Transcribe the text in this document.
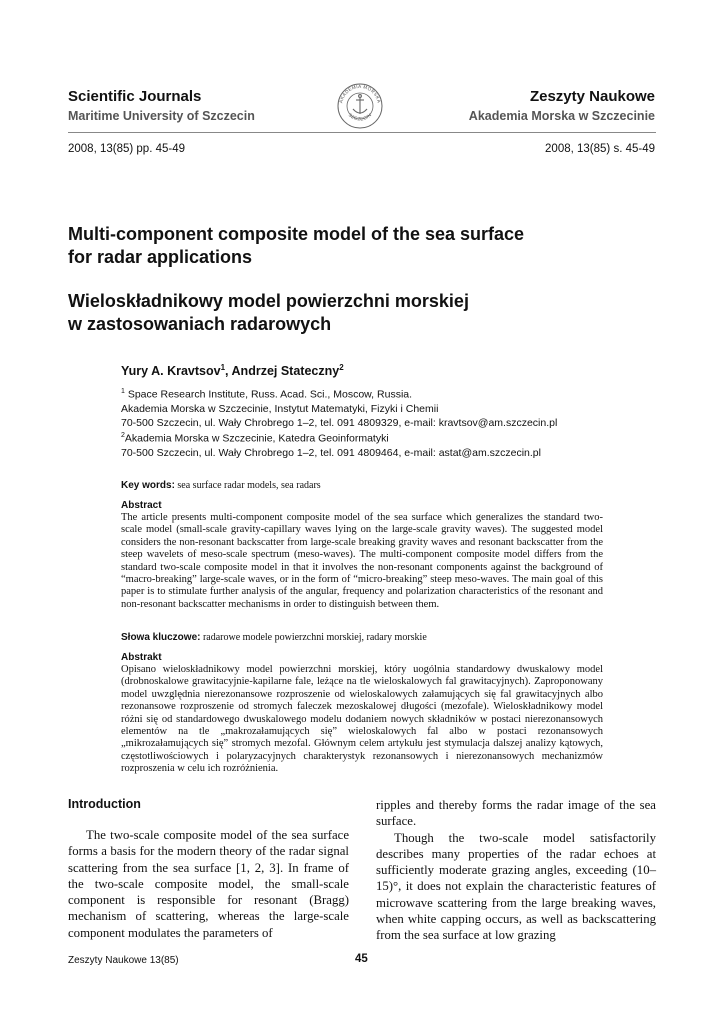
Scientific Journals
Maritime University of Szczecin
AKADEMIA MORSKA
SZCZECIN
Zeszyty Naukowe
Akademia Morska w Szczecinie
2008, 13(85) pp. 45-49	2008, 13(85) s. 45-49
Multi-component composite model of the sea surface
for radar applications
Wieloskładnikowy model powierzchni morskiej
w zastosowaniach radarowych
Yury A. Kravtsov$^1$, Andrzej Stateczny$^2$
$^1$ Space Research Institute, Russ. Acad. Sci., Moscow, Russia.
Akademia Morska w Szczecinie, Instytut Matematyki, Fizyki i Chemii
70-500 Szczecin, ul. Wały Chrobrego 1–2, tel. 091 4809329, e-mail: kravtsov@am.szczecin.pl
$^2$Akademia Morska w Szczecinie, Katedra Geoinformatyki
70-500 Szczecin, ul. Wały Chrobrego 1–2, tel. 091 4809464, e-mail: astat@am.szczecin.pl
Key words: sea surface radar models, sea radars
Abstract
The article presents multi-component composite model of the sea surface which generalizes the standard two-scale model (small-scale gravity-capillary waves lying on the large-scale gravity waves). The suggested model considers the non-resonant backscatter from large-scale breaking gravity waves and resonant backscatter from the steep wavelets of meso-scale spectrum (meso-waves). The multi-component composite model differs from the standard two-scale composite model in that it involves the non-resonant components against the background of “macro-breaking” large-scale waves, or in the form of “micro-breaking” steep meso-waves. The main goal of this paper is to stimulate further analysis of the angular, frequency and polarization characteristics of the resonant and non-resonant backscatter mechanisms in order to distinguish between them.
Słowa kluczowe: radarowe modele powierzchni morskiej, radary morskie
Abstrakt
Opisano wieloskładnikowy model powierzchni morskiej, który uogólnia standardowy dwuskalowy model (drobnoskalowe grawitacyjnie-kapilarne fale, leżące na tle wieloskalowych fal grawitacyjnych). Zaproponowany model uwzględnia nierezonansowe rozproszenie od wieloskalowych załamujących się fal grawitacyjnych albo rezonansowe rozproszenie od stromych faleczek mezoskalowej długości (mezofale). Wieloskładnikowy model różni się od standardowego dwuskalowego modelu dodaniem nowych składników w postaci nierezonansowych elementów na tle „makrozałamujących się” wieloskalowych fal albo w postaci rezonansowych „mikrozałamujących się” stromych mezofal. Głównym celem artykułu jest stymulacja dalszej analizy kątowych, częstotliwościowych i polaryzacyjnych charakterystyk rezonansowych i nierezonansowych mechanizmów rozproszenia w celu ich rozróżnienia.
Introduction

The two-scale composite model of the sea surface forms a basis for the modern theory of the radar signal scattering from the sea surface [1, 2, 3]. In frame of the two-scale composite model, the small-scale component is responsible for resonant (Bragg) mechanism of scattering, whereas the large-scale component modulates the parameters of

ripples and thereby forms the radar image of the sea surface.

Though the two-scale model satisfactorily describes many properties of the radar echoes at sufficiently moderate grazing angles, exceeding (10–15)°, it does not explain the characteristic features of microwave scattering from the large breaking waves, when white capping occurs, as well as backscattering from the sea surface at low grazing

Zeszyty Naukowe 13(85)	45
